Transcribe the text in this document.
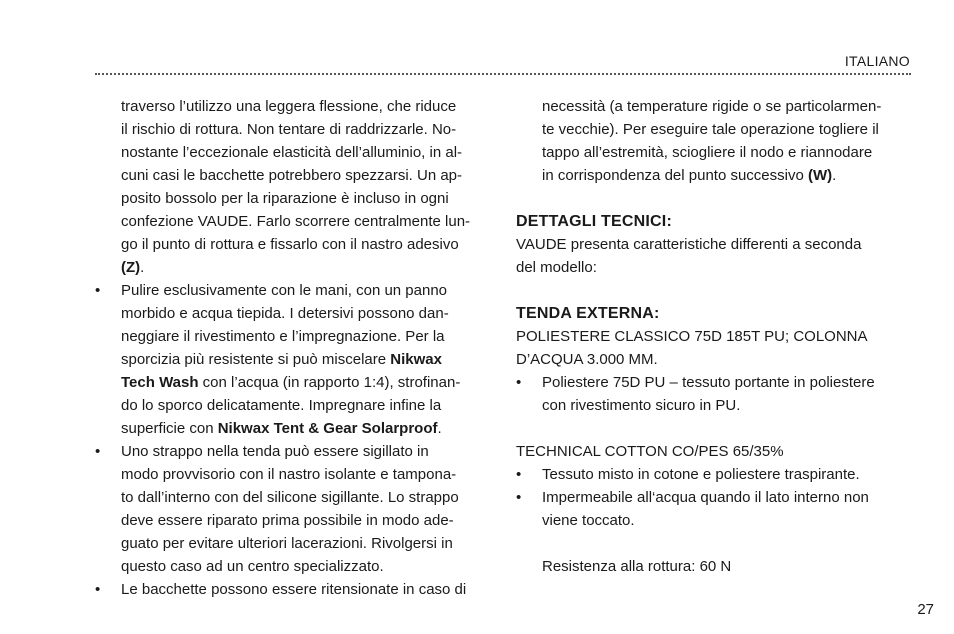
ITALIANO

traverso l’utilizzo una leggera flessione, che riduce

il rischio di rottura. Non tentare di raddrizzarle. No-

nostante l’eccezionale elasticità dell’alluminio, in al-

cuni casi le bacchette potrebbero spezzarsi. Un ap-

posito bossolo per la riparazione è incluso in ogni

confezione VAUDE. Farlo scorrere centralmente lun-

go il punto di rottura e fissarlo con il nastro adesivo

(Z).

• Pulire esclusivamente con le mani, con un panno

morbido e acqua tiepida. I detersivi possono dan-

neggiare il rivestimento e l’impregnazione. Per la

sporcizia più resistente si può miscelare Nikwax

Tech Wash con l’acqua (in rapporto 1:4), strofinan-

do lo sporco delicatamente. Impregnare infine la

superficie con Nikwax Tent & Gear Solarproof.

• Uno strappo nella tenda può essere sigillato in

modo provvisorio con il nastro isolante e tampona-

to dall’interno con del silicone sigillante. Lo strappo

deve essere riparato prima possibile in modo ade-

guato per evitare ulteriori lacerazioni. Rivolgersi in

questo caso ad un centro specializzato.

• Le bacchette possono essere ritensionate in caso di

necessità (a temperature rigide o se particolarmen-

te vecchie). Per eseguire tale operazione togliere il

tappo all’estremità, sciogliere il nodo e riannodare

in corrispondenza del punto successivo (W).

DETTAGLI TECNICI:

VAUDE presenta caratteristiche differenti a seconda

del modello:

TENDA EXTERNA:

POLIESTERE CLASSICO 75D 185T PU; COLONNA

D’ACQUA 3.000 MM.

• Poliestere 75D PU – tessuto portante in poliestere

con rivestimento sicuro in PU.

TECHNICAL COTTON CO/PES 65/35%

• Tessuto misto in cotone e poliestere traspirante.

• Impermeabile all‘acqua quando il lato interno non

viene toccato.

Resistenza alla rottura: 60 N

27
